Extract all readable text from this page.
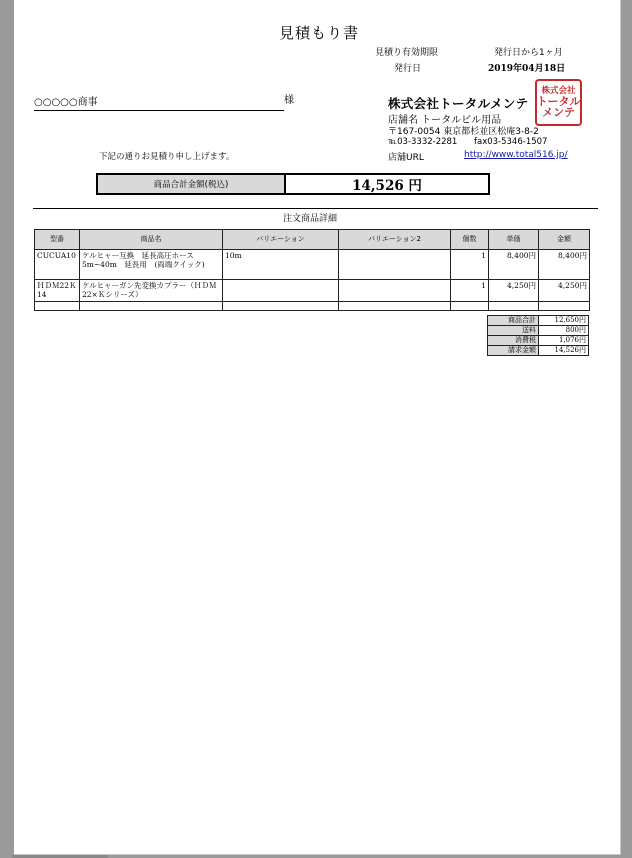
見積もり書
見積り有効期限	発行日から1ヶ月
発行日	2019年04月18日
○○○○○商事	様
下記の通りお見積り申し上げます。
株式会社トータルメンテ
店舗名 トータルビル用品
〒167-0054 東京都杉並区松庵3-8-2
℡03-3332-2281 fax03-5346-1507
店舗URL	http://www.total516.jp/
株式会社
トータル
メンテ
商品合計金額(税込)	14,526 円
注文商品詳細
型番	商品名	バリエーション	バリエーション2	個数	単価	金額
CUCUA10	ケルヒャー互換　延長高圧ホース　5m~40m　延長用　(両端クイック)	10m		1	8,400円	8,400円
ＨＤＭ22Ｋ14	ケルヒャーガン先変換カプラー（ＨＤＭ22×Ｋシリーズ）			1	4,250円	4,250円

商品合計	12,650円
送料	800円
消費税	1,076円
請求金額	14,526円
